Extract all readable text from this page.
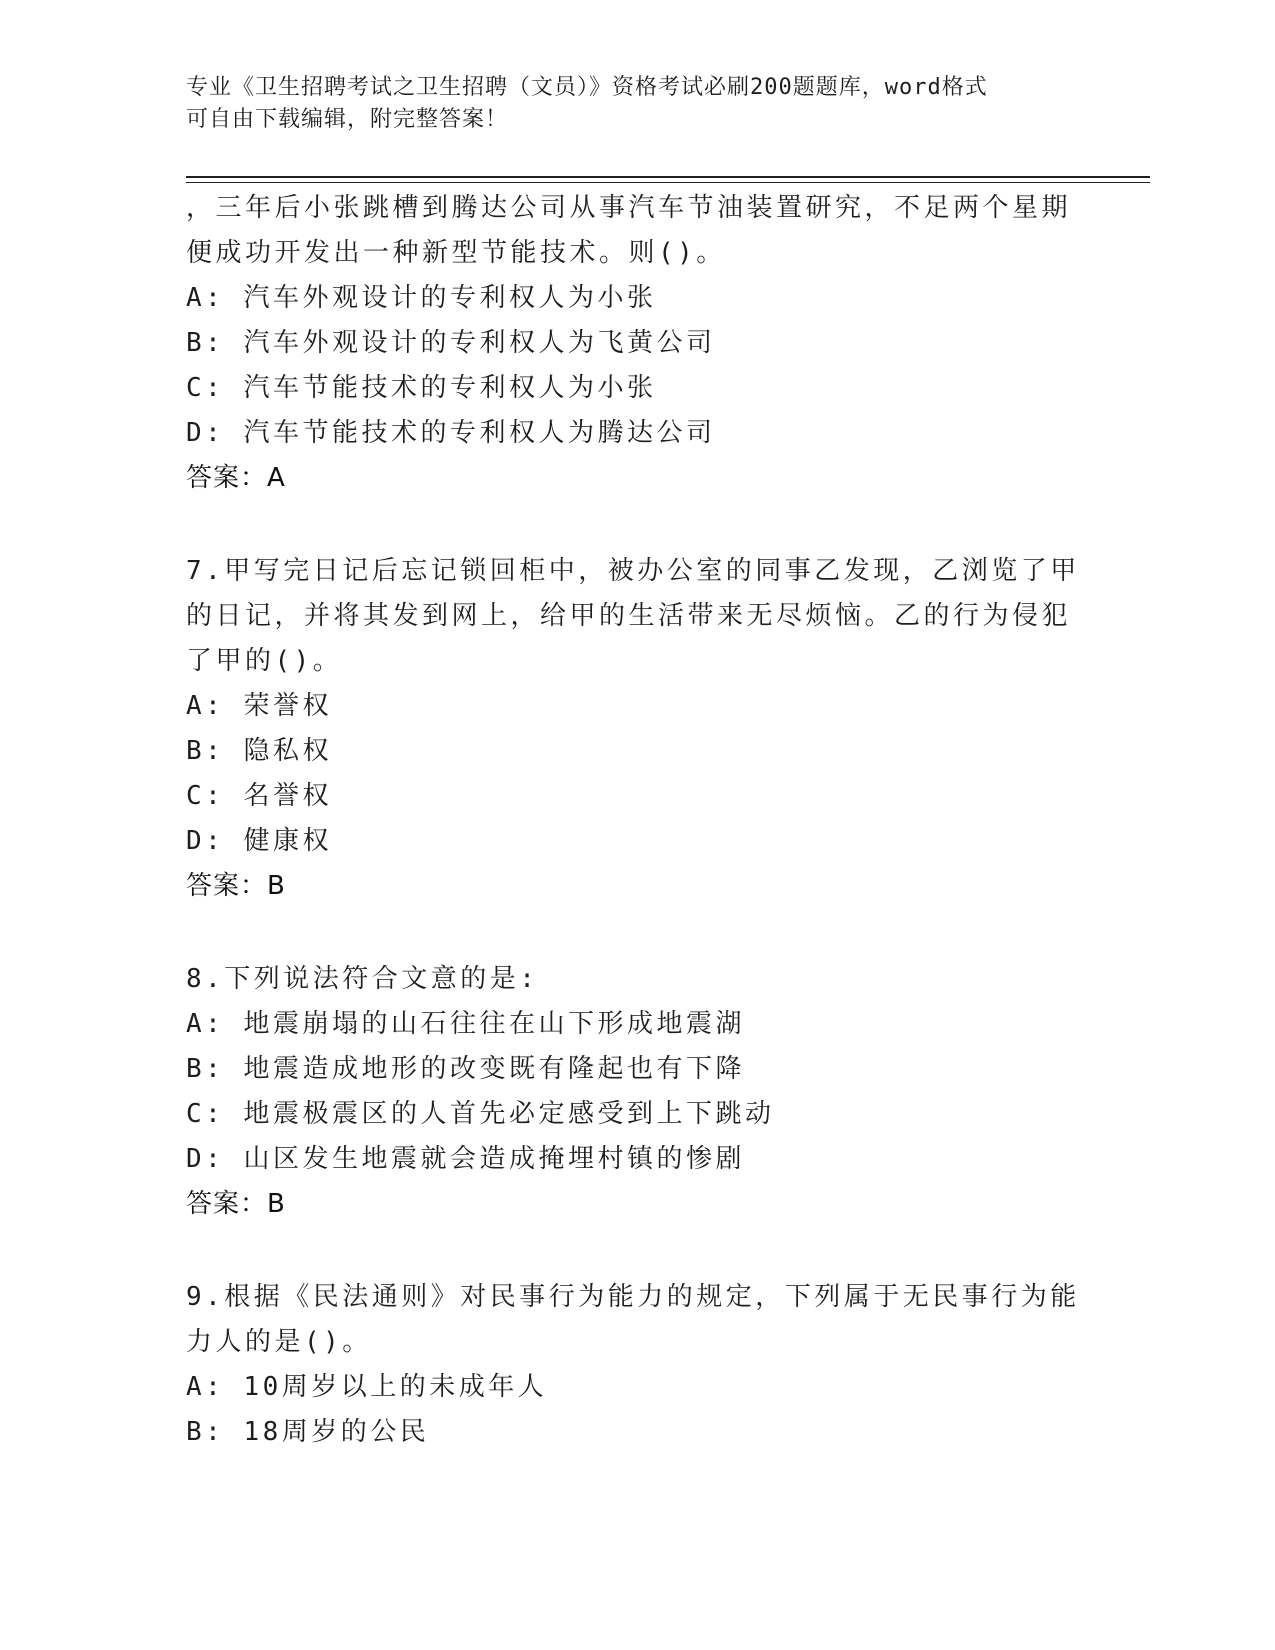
专业《卫生招聘考试之卫生招聘（文员）》资格考试必刷200题题库，word格式
可自由下载编辑，附完整答案！
，三年后小张跳槽到腾达公司从事汽车节油装置研究，不足两个星期
便成功开发出一种新型节能技术。则()。
A: 汽车外观设计的专利权人为小张
B: 汽车外观设计的专利权人为飞黄公司
C: 汽车节能技术的专利权人为小张
D: 汽车节能技术的专利权人为腾达公司
答案：A
7.甲写完日记后忘记锁回柜中，被办公室的同事乙发现，乙浏览了甲
的日记，并将其发到网上，给甲的生活带来无尽烦恼。乙的行为侵犯
了甲的()。
A: 荣誉权
B: 隐私权
C: 名誉权
D: 健康权
答案：B
8.下列说法符合文意的是:
A: 地震崩塌的山石往往在山下形成地震湖
B: 地震造成地形的改变既有隆起也有下降
C: 地震极震区的人首先必定感受到上下跳动
D: 山区发生地震就会造成掩埋村镇的惨剧
答案：B
9.根据《民法通则》对民事行为能力的规定，下列属于无民事行为能
力人的是()。
A: 10周岁以上的未成年人
B: 18周岁的公民
